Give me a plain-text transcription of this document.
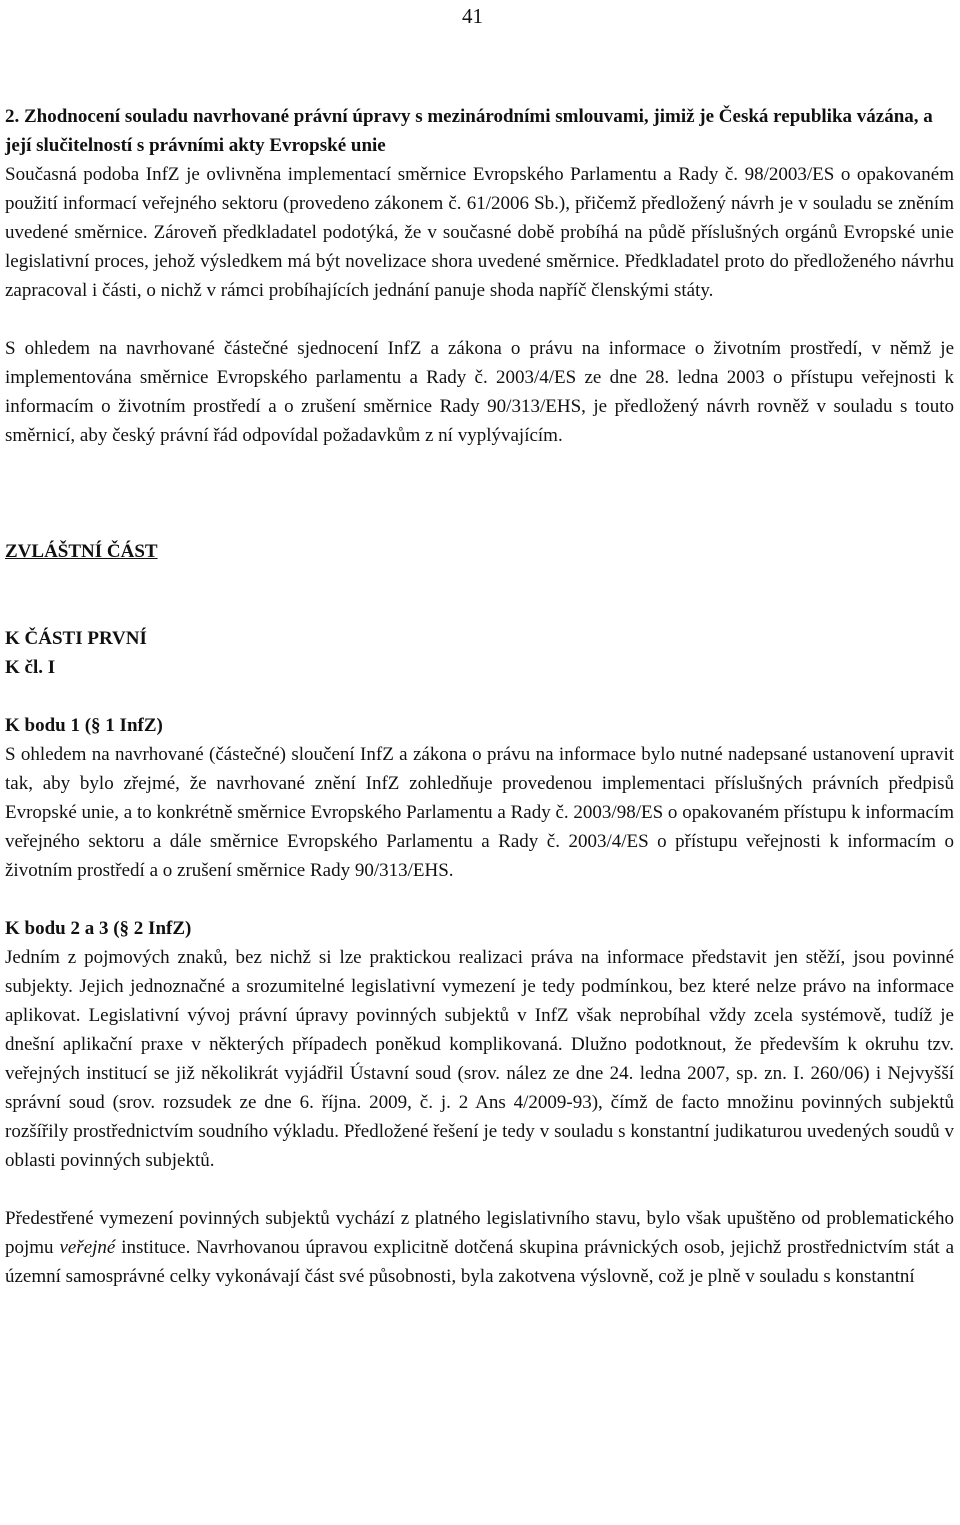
41
2. Zhodnocení souladu navrhované právní úpravy s mezinárodními smlouvami, jimiž je Česká republika vázána, a její slučitelností s právními akty Evropské unie

Současná podoba InfZ je ovlivněna implementací směrnice Evropského Parlamentu a Rady č. 98/2003/ES o opakovaném použití informací veřejného sektoru (provedeno zákonem č. 61/2006 Sb.), přičemž předložený návrh je v souladu se zněním uvedené směrnice. Zároveň předkladatel podotýká, že v současné době probíhá na půdě příslušných orgánů Evropské unie legislativní proces, jehož výsledkem má být novelizace shora uvedené směrnice. Předkladatel proto do předloženého návrhu zapracoval i části, o nichž v rámci probíhajících jednání panuje shoda napříč členskými státy.

S ohledem na navrhované částečné sjednocení InfZ a zákona o právu na informace o životním prostředí, v němž je implementována směrnice Evropského parlamentu a Rady č. 2003/4/ES ze dne 28. ledna 2003 o přístupu veřejnosti k informacím o životním prostředí a o zrušení směrnice Rady 90/313/EHS, je předložený návrh rovněž v souladu s touto směrnicí, aby český právní řád odpovídal požadavkům z ní vyplývajícím.

ZVLÁŠTNÍ ČÁST
K ČÁSTI PRVNÍ
K čl. I
K bodu 1 (§ 1 InfZ)

S ohledem na navrhované (částečné) sloučení InfZ a zákona o právu na informace bylo nutné nadepsané ustanovení upravit tak, aby bylo zřejmé, že navrhované znění InfZ zohledňuje provedenou implementaci příslušných právních předpisů Evropské unie, a to konkrétně směrnice Evropského Parlamentu a Rady č. 2003/98/ES o opakovaném přístupu k informacím veřejného sektoru a dále směrnice Evropského Parlamentu a Rady č. 2003/4/ES o přístupu veřejnosti k informacím o životním prostředí a o zrušení směrnice Rady 90/313/EHS.

K bodu 2 a 3 (§ 2 InfZ)

Jedním z pojmových znaků, bez nichž si lze praktickou realizaci práva na informace představit jen stěží, jsou povinné subjekty. Jejich jednoznačné a srozumitelné legislativní vymezení je tedy podmínkou, bez které nelze právo na informace aplikovat. Legislativní vývoj právní úpravy povinných subjektů v InfZ však neprobíhal vždy zcela systémově, tudíž je dnešní aplikační praxe v některých případech poněkud komplikovaná. Dlužno podotknout, že především k okruhu tzv. veřejných institucí se již několikrát vyjádřil Ústavní soud (srov. nález ze dne 24. ledna 2007, sp. zn. I. 260/06) i Nejvyšší správní soud (srov. rozsudek ze dne 6. října. 2009, č. j. 2 Ans 4/2009-93), čímž de facto množinu povinných subjektů rozšířily prostřednictvím soudního výkladu. Předložené řešení je tedy v souladu s konstantní judikaturou uvedených soudů v oblasti povinných subjektů.

Předestřené vymezení povinných subjektů vychází z platného legislativního stavu, bylo však upuštěno od problematického pojmu veřejné instituce. Navrhovanou úpravou explicitně dotčená skupina právnických osob, jejichž prostřednictvím stát a územní samosprávné celky vykonávají část své působnosti, byla zakotvena výslovně, což je plně v souladu s konstantní
